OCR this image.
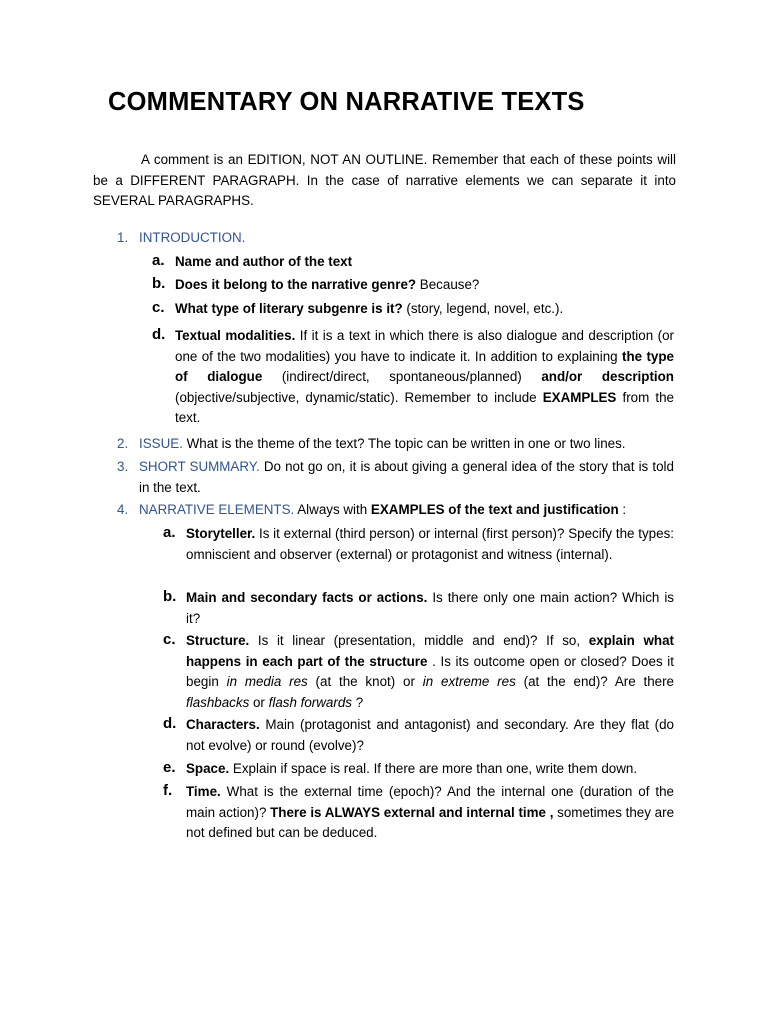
COMMENTARY ON NARRATIVE TEXTS
A comment is an EDITION, NOT AN OUTLINE. Remember that each of these points will be a DIFFERENT PARAGRAPH. In the case of narrative elements we can separate it into SEVERAL PARAGRAPHS.
1. INTRODUCTION.
a. Name and author of the text
b. Does it belong to the narrative genre? Because?
c. What type of literary subgenre is it? (story, legend, novel, etc.).
d. Textual modalities. If it is a text in which there is also dialogue and description (or one of the two modalities) you have to indicate it. In addition to explaining the type of dialogue (indirect/direct, spontaneous/planned) and/or description (objective/subjective, dynamic/static). Remember to include EXAMPLES from the text.
2. ISSUE. What is the theme of the text? The topic can be written in one or two lines.
3. SHORT SUMMARY. Do not go on, it is about giving a general idea of the story that is told in the text.
4. NARRATIVE ELEMENTS. Always with EXAMPLES of the text and justification :
a. Storyteller. Is it external (third person) or internal (first person)? Specify the types: omniscient and observer (external) or protagonist and witness (internal).
b. Main and secondary facts or actions. Is there only one main action? Which is it?
c. Structure. Is it linear (presentation, middle and end)? If so, explain what happens in each part of the structure . Is its outcome open or closed? Does it begin in media res (at the knot) or in extreme res (at the end)? Are there flashbacks or flash forwards ?
d. Characters. Main (protagonist and antagonist) and secondary. Are they flat (do not evolve) or round (evolve)?
e. Space. Explain if space is real. If there are more than one, write them down.
f. Time. What is the external time (epoch)? And the internal one (duration of the main action)? There is ALWAYS external and internal time , sometimes they are not defined but can be deduced.
